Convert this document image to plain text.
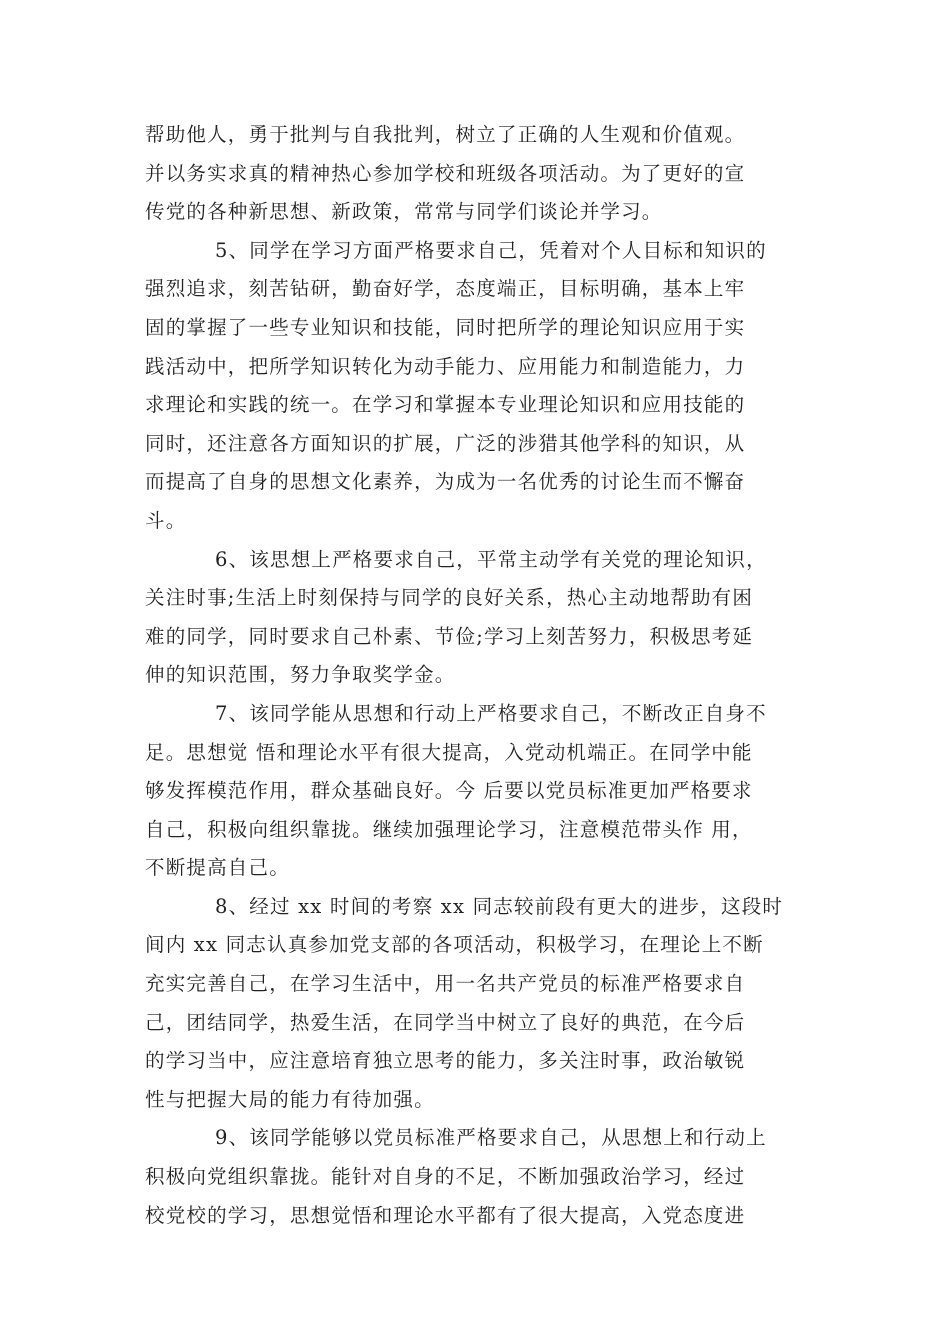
帮助他人，勇于批判与自我批判，树立了正确的人生观和价值观。
并以务实求真的精神热心参加学校和班级各项活动。为了更好的宣
传党的各种新思想、新政策，常常与同学们谈论并学习。
5、同学在学习方面严格要求自己，凭着对个人目标和知识的
强烈追求，刻苦钻研，勤奋好学，态度端正，目标明确，基本上牢
固的掌握了一些专业知识和技能，同时把所学的理论知识应用于实
践活动中，把所学知识转化为动手能力、应用能力和制造能力，力
求理论和实践的统一。在学习和掌握本专业理论知识和应用技能的
同时，还注意各方面知识的扩展，广泛的涉猎其他学科的知识，从
而提高了自身的思想文化素养，为成为一名优秀的讨论生而不懈奋
斗。
6、该思想上严格要求自己，平常主动学有关党的理论知识，
关注时事;生活上时刻保持与同学的良好关系，热心主动地帮助有困
难的同学，同时要求自己朴素、节俭;学习上刻苦努力，积极思考延
伸的知识范围，努力争取奖学金。
7、该同学能从思想和行动上严格要求自己，不断改正自身不
足。思想觉 悟和理论水平有很大提高，入党动机端正。在同学中能
够发挥模范作用，群众基础良好。今 后要以党员标准更加严格要求
自己，积极向组织靠拢。继续加强理论学习，注意模范带头作 用，
不断提高自己。
8、经过 xx 时间的考察 xx 同志较前段有更大的进步，这段时
间内 xx 同志认真参加党支部的各项活动，积极学习，在理论上不断
充实完善自己，在学习生活中，用一名共产党员的标准严格要求自
己，团结同学，热爱生活，在同学当中树立了良好的典范，在今后
的学习当中，应注意培育独立思考的能力，多关注时事，政治敏锐
性与把握大局的能力有待加强。
9、该同学能够以党员标准严格要求自己，从思想上和行动上
积极向党组织靠拢。能针对自身的不足，不断加强政治学习，经过
校党校的学习，思想觉悟和理论水平都有了很大提高，入党态度进
